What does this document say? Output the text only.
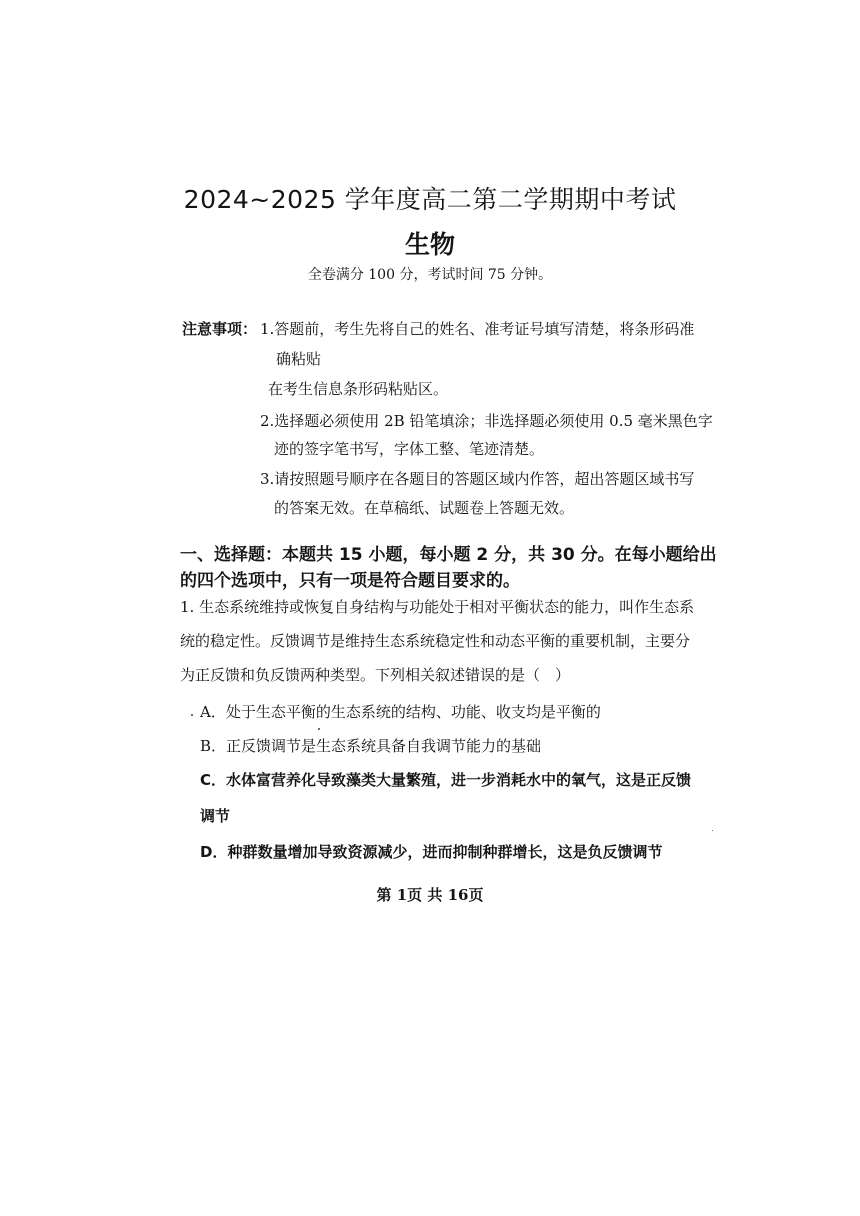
2024~2025 学年度高二第二学期期中考试
生物
全卷满分 100 分，考试时间 75 分钟。
注意事项： 1.答题前，考生先将自己的姓名、准考证号填写清楚，将条形码准
确粘贴
在考生信息条形码粘贴区。
2.选择题必须使用 2B 铅笔填涂；非选择题必须使用 0.5 毫米黑色字
迹的签字笔书写，字体工整、笔迹清楚。
3.请按照题号顺序在各题目的答题区域内作答，超出答题区域书写
的答案无效。在草稿纸、试题卷上答题无效。
一、选择题：本题共 15 小题，每小题 2 分，共 30 分。在每小题给出
的四个选项中，只有一项是符合题目要求的。
1. 生态系统维持或恢复自身结构与功能处于相对平衡状态的能力，叫作生态系
统的稳定性。反馈调节是维持生态系统稳定性和动态平衡的重要机制，主要分
为正反馈和负反馈两种类型。下列相关叙述错误的是（　）
A．处于生态平衡的生态系统的结构、功能、收支均是平衡的
B．正反馈调节是生态系统具备自我调节能力的基础
C．水体富营养化导致藻类大量繁殖，进一步消耗水中的氧气，这是正反馈
调节
D．种群数量增加导致资源减少，进而抑制种群增长，这是负反馈调节
第 1页 共 16页
